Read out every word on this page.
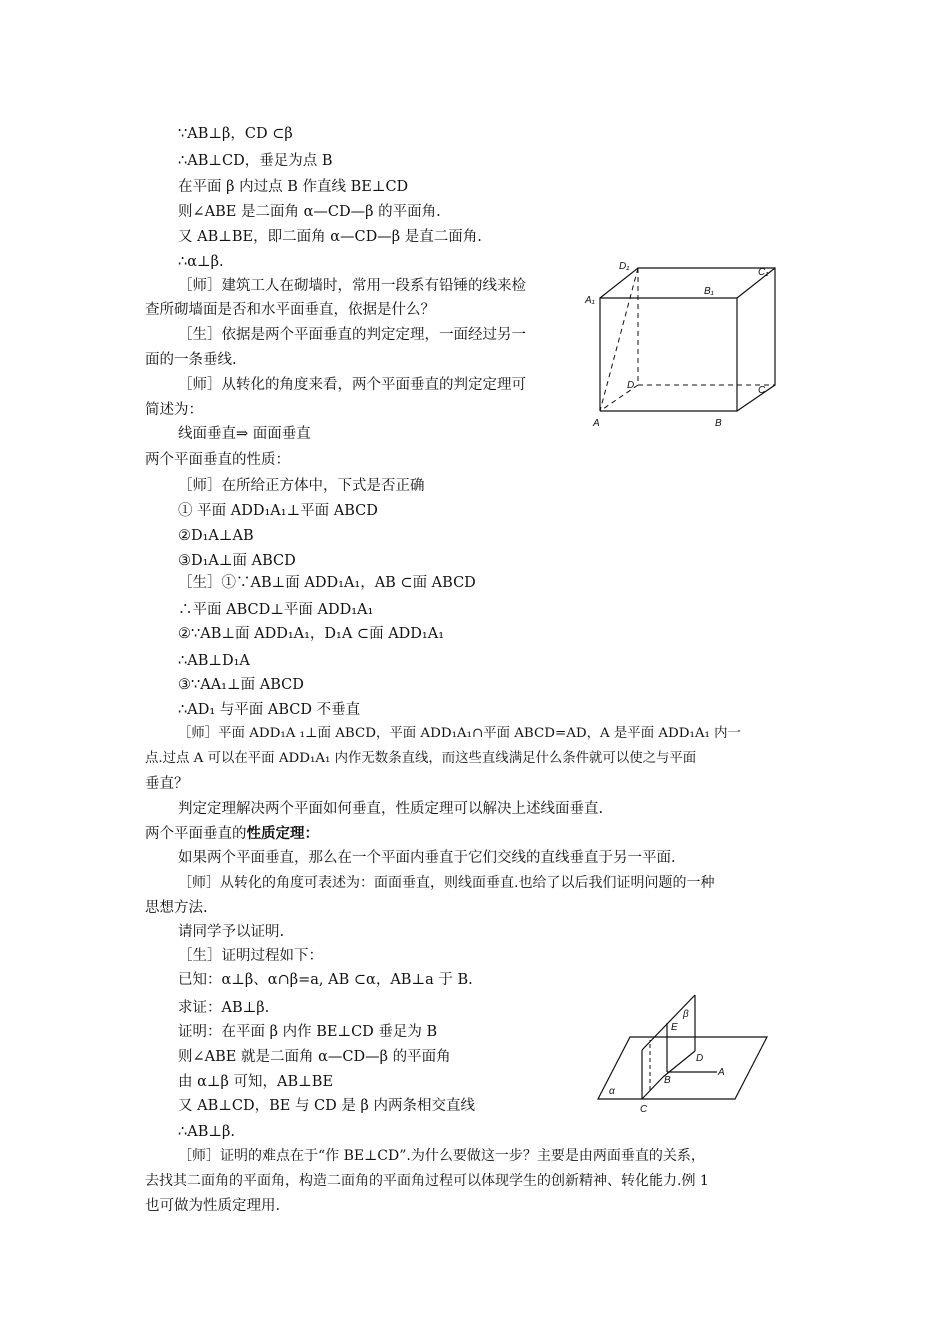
∵AB⊥β，CD ⊂β
∴AB⊥CD，垂足为点 B
在平面 β 内过点 B 作直线 BE⊥CD
则∠ABE 是二面角 α—CD—β 的平面角.
又 AB⊥BE，即二面角 α—CD—β 是直二面角.
∴α⊥β.
［师］建筑工人在砌墙时，常用一段系有铅锤的线来检
查所砌墙面是否和水平面垂直，依据是什么？
［生］依据是两个平面垂直的判定定理，一面经过另一
面的一条垂线.
［师］从转化的角度来看，两个平面垂直的判定定理可
简述为：
线面垂直⇒ 面面垂直
两个平面垂直的性质：
［师］在所给正方体中，下式是否正确
① 平面 ADD₁A₁⊥平面 ABCD
②D₁A⊥AB
③D₁A⊥面 ABCD
［生］①∵AB⊥面 ADD₁A₁，AB ⊂面 ABCD
∴平面 ABCD⊥平面 ADD₁A₁
②∵AB⊥面 ADD₁A₁，D₁A ⊂面 ADD₁A₁
∴AB⊥D₁A
③∵AA₁⊥面 ABCD
∴AD₁ 与平面 ABCD 不垂直
［师］平面 ADD₁A ₁⊥面 ABCD，平面 ADD₁A₁∩平面 ABCD=AD，A 是平面 ADD₁A₁ 内一
点.过点 A 可以在平面 ADD₁A₁ 内作无数条直线，而这些直线满足什么条件就可以使之与平面
垂直？
判定定理解决两个平面如何垂直，性质定理可以解决上述线面垂直.
两个平面垂直的性质定理：
如果两个平面垂直，那么在一个平面内垂直于它们交线的直线垂直于另一平面.
［师］从转化的角度可表述为：面面垂直，则线面垂直.也给了以后我们证明问题的一种
思想方法.
请同学予以证明.
［生］证明过程如下：
已知：α⊥β、α∩β=a, AB ⊂α，AB⊥a 于 B.
求证：AB⊥β.
证明：在平面 β 内作 BE⊥CD 垂足为 B
则∠ABE 就是二面角 α—CD—β 的平面角
由 α⊥β 可知，AB⊥BE
又 AB⊥CD，BE 与 CD 是 β 内两条相交直线
∴AB⊥β.
［师］证明的难点在于“作 BE⊥CD”.为什么要做这一步？主要是由两面垂直的关系，
去找其二面角的平面角，构造二面角的平面角过程可以体现学生的创新精神、转化能力.例 1
也可做为性质定理用.
D₁
C₁
A₁
B₁
D	C
A	B
β
E
D
B
A
α
C
